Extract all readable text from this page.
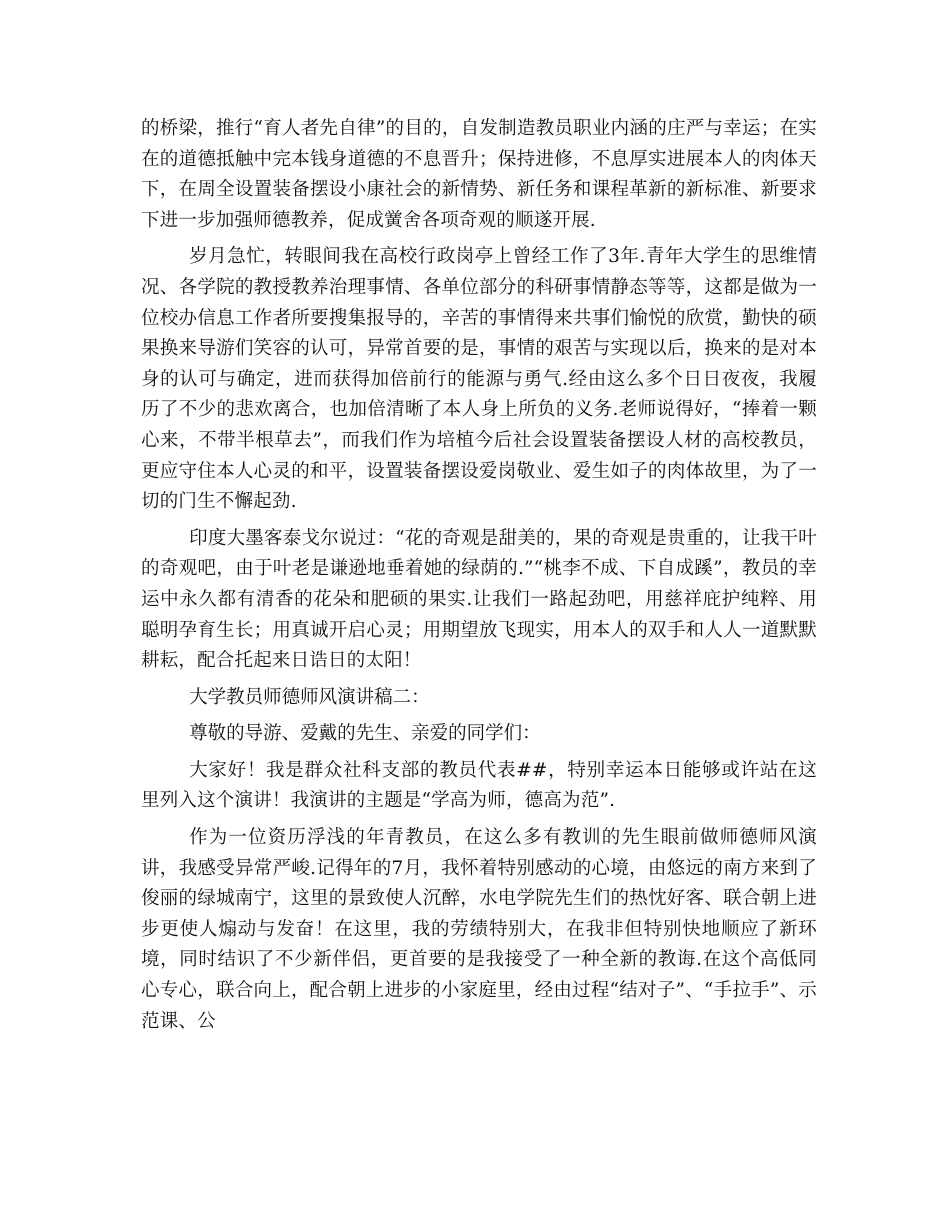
的桥梁，推行“育人者先自律”的目的，自发制造教员职业内涵的庄严与幸运；在实在的道德抵触中完本钱身道德的不息晋升；保持进修，不息厚实进展本人的肉体天下，在周全设置装备摆设小康社会的新情势、新任务和课程革新的新标准、新要求下进一步加强师德教养，促成黉舍各项奇观的顺遂开展.

岁月急忙，转眼间我在高校行政岗亭上曾经工作了3年.青年大学生的思维情况、各学院的教授教养治理事情、各单位部分的科研事情静态等等，这都是做为一位校办信息工作者所要搜集报导的，辛苦的事情得来共事们愉悦的欣赏，勤快的硕果换来导游们笑容的认可，异常首要的是，事情的艰苦与实现以后，换来的是对本身的认可与确定，进而获得加倍前行的能源与勇气.经由这么多个日日夜夜，我履历了不少的悲欢离合，也加倍清晰了本人身上所负的义务.老师说得好，“捧着一颗心来，不带半根草去”，而我们作为培植今后社会设置装备摆设人材的高校教员，更应守住本人心灵的和平，设置装备摆设爱岗敬业、爱生如子的肉体故里，为了一切的门生不懈起劲.

印度大墨客泰戈尔说过：“花的奇观是甜美的，果的奇观是贵重的，让我干叶的奇观吧，由于叶老是谦逊地垂着她的绿荫的.”“桃李不成、下自成蹊”，教员的幸运中永久都有清香的花朵和肥硕的果实.让我们一路起劲吧，用慈祥庇护纯粹、用聪明孕育生长；用真诚开启心灵；用期望放飞现实，用本人的双手和人人一道默默耕耘，配合托起来日诰日的太阳！

大学教员师德师风演讲稿二：

尊敬的导游、爱戴的先生、亲爱的同学们：

大家好！我是群众社科支部的教员代表##，特别幸运本日能够或许站在这里列入这个演讲！我演讲的主题是“学高为师，德高为范”.

作为一位资历浮浅的年青教员，在这么多有教训的先生眼前做师德师风演讲，我感受异常严峻.记得年的7月，我怀着特别感动的心境，由悠远的南方来到了俊丽的绿城南宁，这里的景致使人沉醉，水电学院先生们的热忱好客、联合朝上进步更使人煽动与发奋！在这里，我的劳绩特别大，在我非但特别快地顺应了新环境，同时结识了不少新伴侣，更首要的是我接受了一种全新的教诲.在这个高低同心专心，联合向上，配合朝上进步的小家庭里，经由过程“结对子”、“手拉手”、示范课、公
